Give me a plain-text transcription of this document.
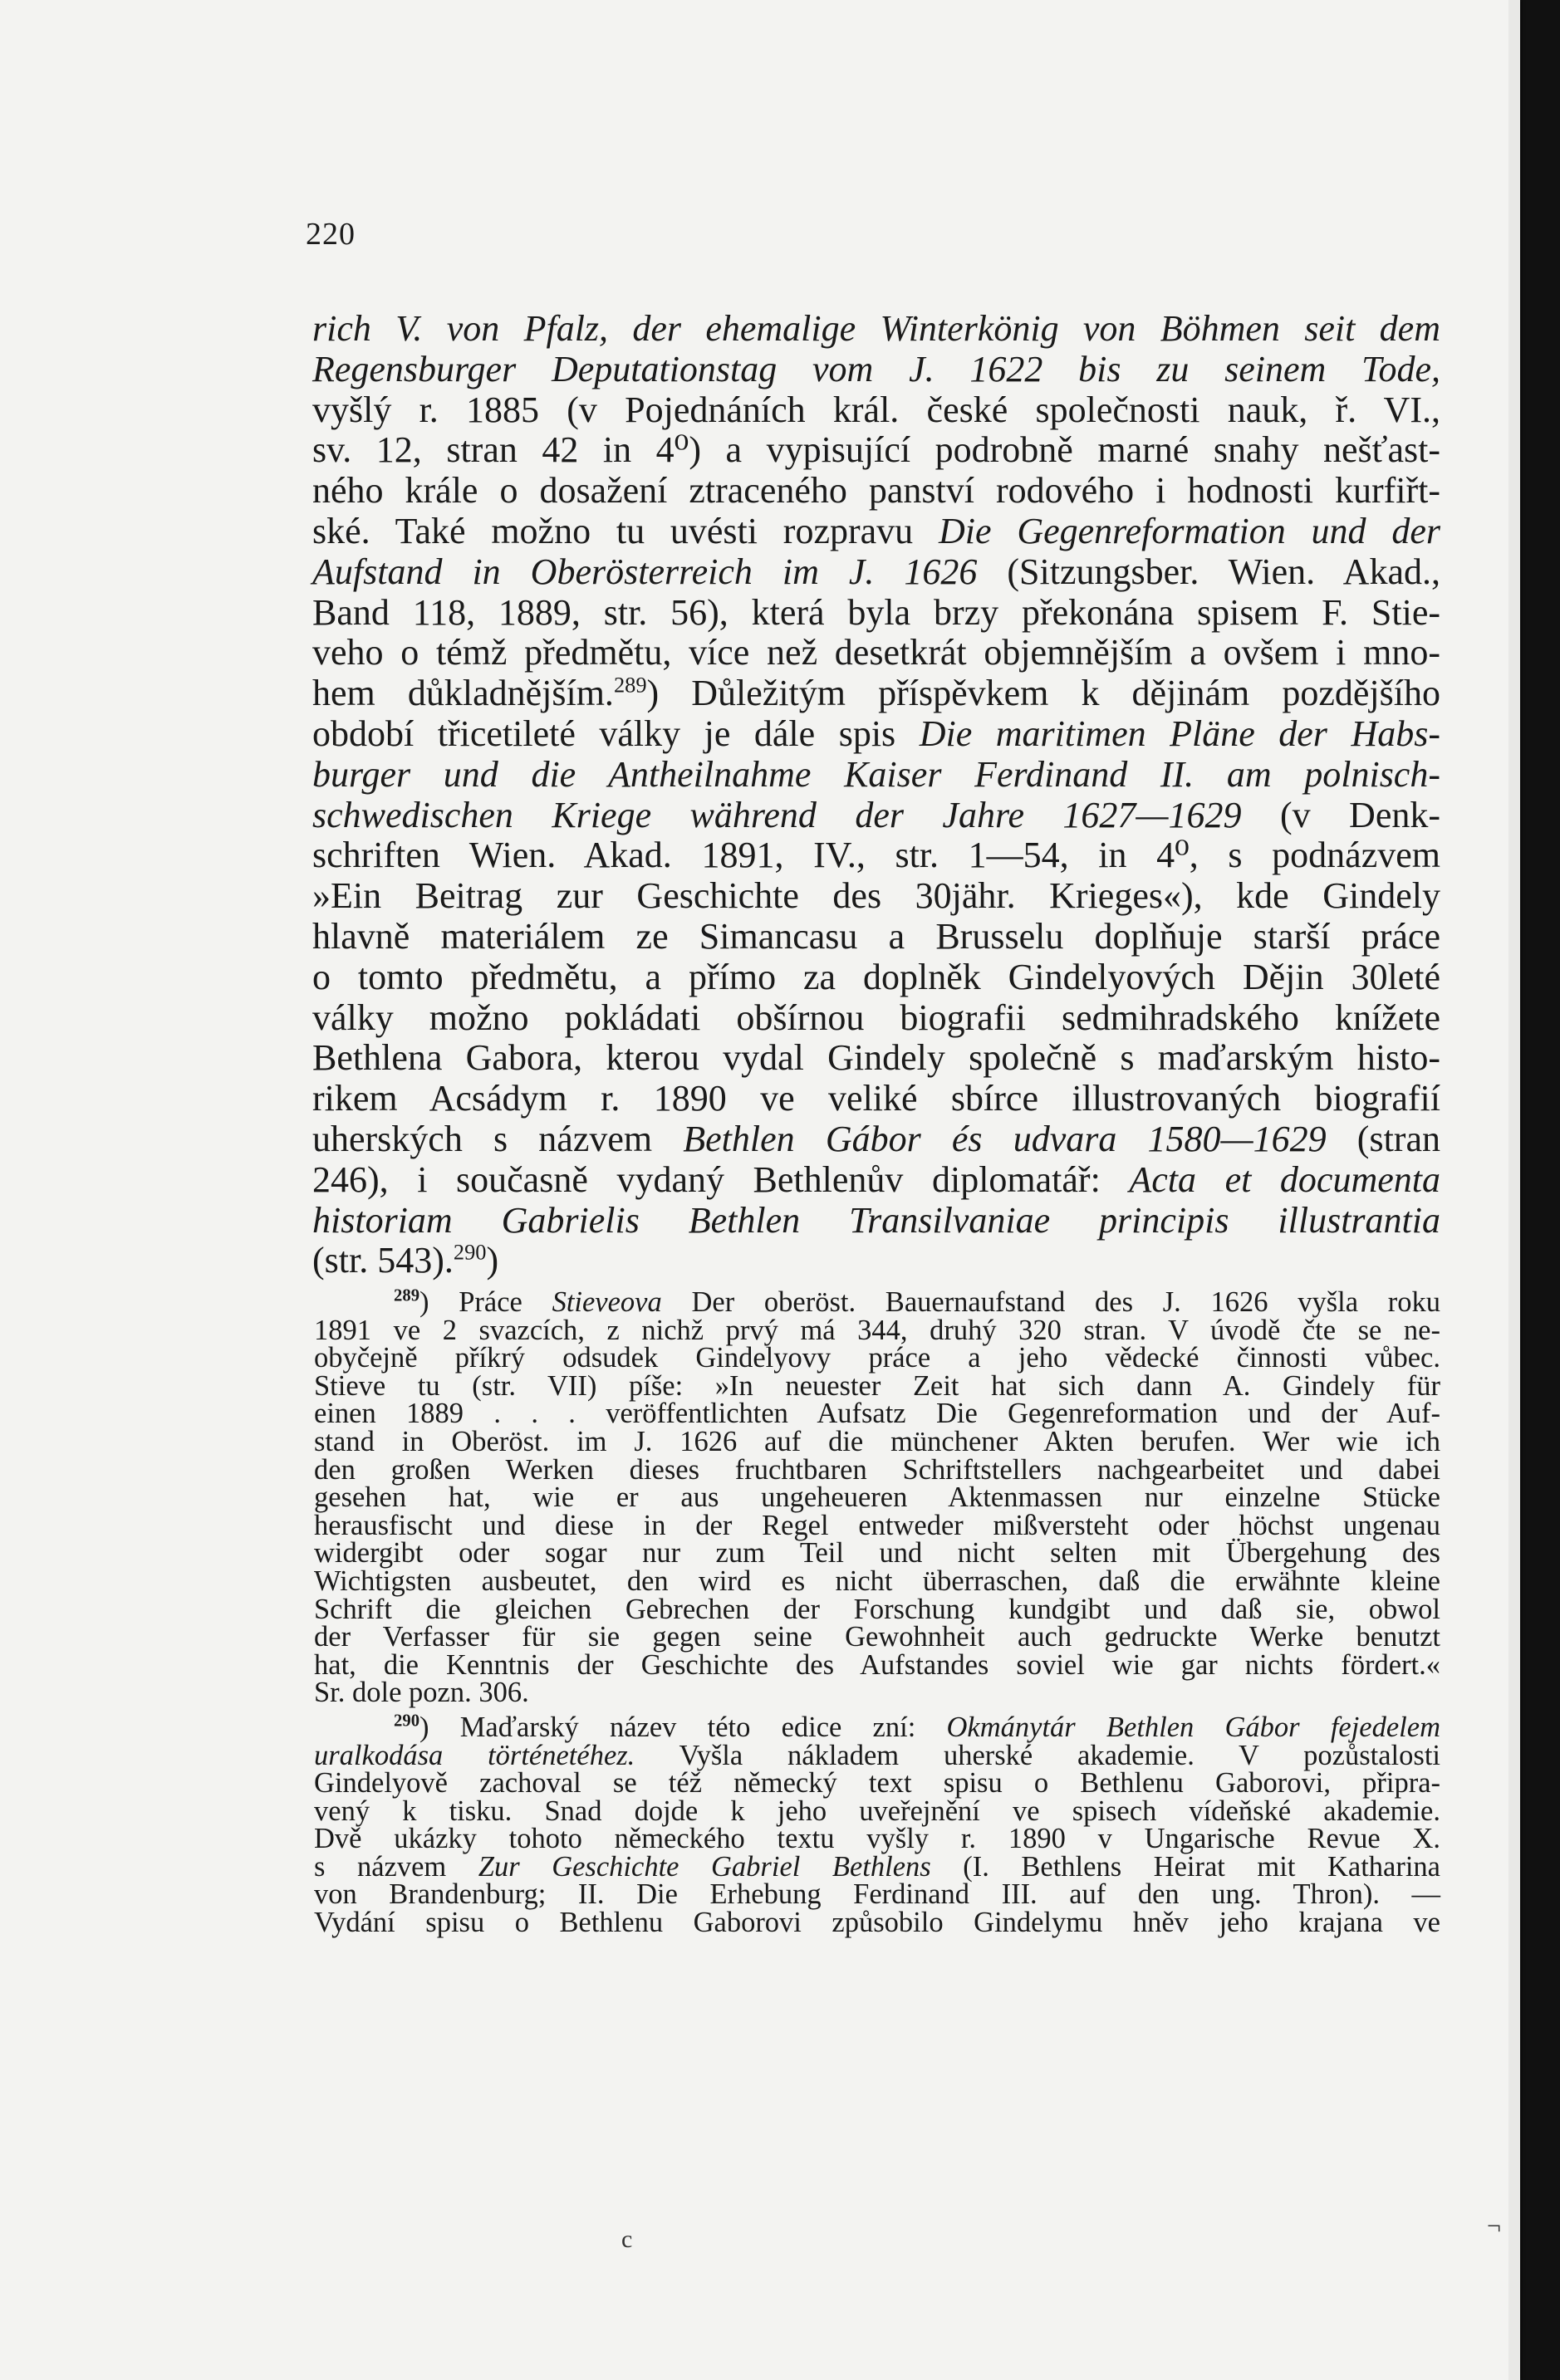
220
rich V. von Pfalz, der ehemalige Winterkönig von Böhmen seit dem
Regensburger Deputationstag vom J. 1622 bis zu seinem Tode,
vyšlý r. 1885 (v Pojednáních král. české společnosti nauk, ř. VI.,
sv. 12, stran 42 in 4⁰) a vypisující podrobně marné snahy nešťast-
ného krále o dosažení ztraceného panství rodového i hodnosti kurfiřt-
ské. Také možno tu uvésti rozpravu Die Gegenreformation und der
Aufstand in Oberösterreich im J. 1626 (Sitzungsber. Wien. Akad.,
Band 118, 1889, str. 56), která byla brzy překonána spisem F. Stie-
veho o témž předmětu, více než desetkrát objemnějším a ovšem i mno-
hem důkladnějším.$^{289}$) Důležitým příspěvkem k dějinám pozdějšího
období třicetileté války je dále spis Die maritimen Pläne der Habs-
burger und die Antheilnahme Kaiser Ferdinand II. am polnisch-
schwedischen Kriege während der Jahre 1627—1629 (v Denk-
schriften Wien. Akad. 1891, IV., str. 1—54, in 4⁰, s podnázvem
»Ein Beitrag zur Geschichte des 30jähr. Krieges«), kde Gindely
hlavně materiálem ze Simancasu a Brusselu doplňuje starší práce
o tomto předmětu, a přímo za doplněk Gindelyových Dějin 30leté
války možno pokládati obšírnou biografii sedmihradského knížete
Bethlena Gabora, kterou vydal Gindely společně s maďarským histo-
rikem Acsádym r. 1890 ve veliké sbírce illustrovaných biografií
uherských s názvem Bethlen Gábor és udvara 1580—1629 (stran
246), i současně vydaný Bethlenův diplomatář: Acta et documenta
historiam Gabrielis Bethlen Transilvaniae principis illustrantia
(str. 543).$^{290}$)
$^{289}$) Práce Stieveova Der oberöst. Bauernaufstand des J. 1626 vyšla roku
1891 ve 2 svazcích, z nichž prvý má 344, druhý 320 stran. V úvodě čte se ne-
obyčejně příkrý odsudek Gindelyovy práce a jeho vědecké činnosti vůbec.
Stieve tu (str. VII) píše: »In neuester Zeit hat sich dann A. Gindely für
einen 1889 . . . veröffentlichten Aufsatz Die Gegenreformation und der Auf-
stand in Oberöst. im J. 1626 auf die münchener Akten berufen. Wer wie ich
den großen Werken dieses fruchtbaren Schriftstellers nachgearbeitet und dabei
gesehen hat, wie er aus ungeheueren Aktenmassen nur einzelne Stücke
herausfischt und diese in der Regel entweder mißversteht oder höchst ungenau
widergibt oder sogar nur zum Teil und nicht selten mit Übergehung des
Wichtigsten ausbeutet, den wird es nicht überraschen, daß die erwähnte kleine
Schrift die gleichen Gebrechen der Forschung kundgibt und daß sie, obwol
der Verfasser für sie gegen seine Gewohnheit auch gedruckte Werke benutzt
hat, die Kenntnis der Geschichte des Aufstandes soviel wie gar nichts fördert.«
Sr. dole pozn. 306.
$^{290}$) Maďarský název této edice zní: Okmánytár Bethlen Gábor fejedelem
uralkodása történetéhez. Vyšla nákladem uherské akademie. V pozůstalosti
Gindelyově zachoval se též německý text spisu o Bethlenu Gaborovi, připra-
vený k tisku. Snad dojde k jeho uveřejnění ve spisech vídeňské akademie.
Dvě ukázky tohoto německého textu vyšly r. 1890 v Ungarische Revue X.
s názvem Zur Geschichte Gabriel Bethlens (I. Bethlens Heirat mit Katharina
von Brandenburg; II. Die Erhebung Ferdinand III. auf den ung. Thron). —
Vydání spisu o Bethlenu Gaborovi způsobilo Gindelymu hněv jeho krajana ve
c	¬
